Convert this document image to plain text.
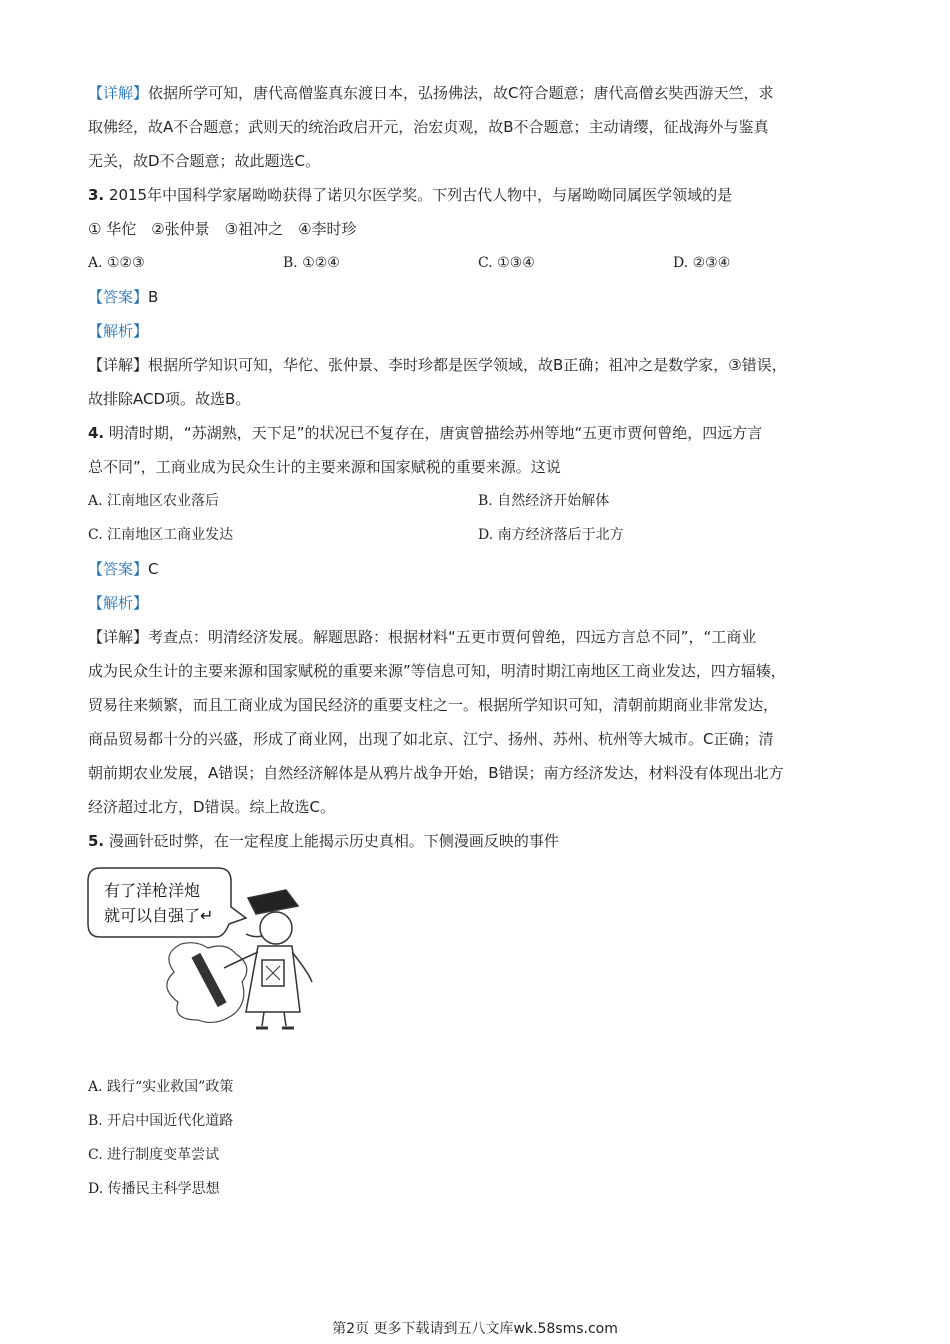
【详解】依据所学可知，唐代高僧鉴真东渡日本，弘扬佛法，故C符合题意；唐代高僧玄奘西游天竺，求

取佛经，故A不合题意；武则天的统治政启开元，治宏贞观，故B不合题意；主动请缨，征战海外与鉴真

无关，故D不合题意；故此题选C。

3. 2015年中国科学家屠呦呦获得了诺贝尔医学奖。下列古代人物中，与屠呦呦同属医学领域的是

① 华佗　②张仲景　③祖冲之　④李时珍

A. ①②③	B. ①②④	C. ①③④	D. ②③④

【答案】B

【解析】

【详解】根据所学知识可知，华佗、张仲景、李时珍都是医学领域，故B正确；祖冲之是数学家，③错误，

故排除ACD项。故选B。

4. 明清时期，“苏湖熟，天下足”的状况已不复存在，唐寅曾描绘苏州等地“五更市贾何曾绝，四远方言

总不同”，工商业成为民众生计的主要来源和国家赋税的重要来源。这说

A. 江南地区农业落后	B. 自然经济开始解体
C. 江南地区工商业发达	D. 南方经济落后于北方

【答案】C

【解析】

【详解】考查点：明清经济发展。解题思路：根据材料“五更市贾何曾绝，四远方言总不同”，“工商业

成为民众生计的主要来源和国家赋税的重要来源”等信息可知，明清时期江南地区工商业发达，四方辐辏，

贸易往来频繁，而且工商业成为国民经济的重要支柱之一。根据所学知识可知，清朝前期商业非常发达，

商品贸易都十分的兴盛，形成了商业网，出现了如北京、江宁、扬州、苏州、杭州等大城市。C正确；清

朝前期农业发展，A错误；自然经济解体是从鸦片战争开始，B错误；南方经济发达，材料没有体现出北方

经济超过北方，D错误。综上故选C。

5. 漫画针砭时弊，在一定程度上能揭示历史真相。下侧漫画反映的事件

有了洋枪洋炮
就可以自强了↵

A. 践行“实业救国”政策

B. 开启中国近代化道路

C. 进行制度变革尝试

D. 传播民主科学思想

第2页 更多下载请到五八文库wk.58sms.com
